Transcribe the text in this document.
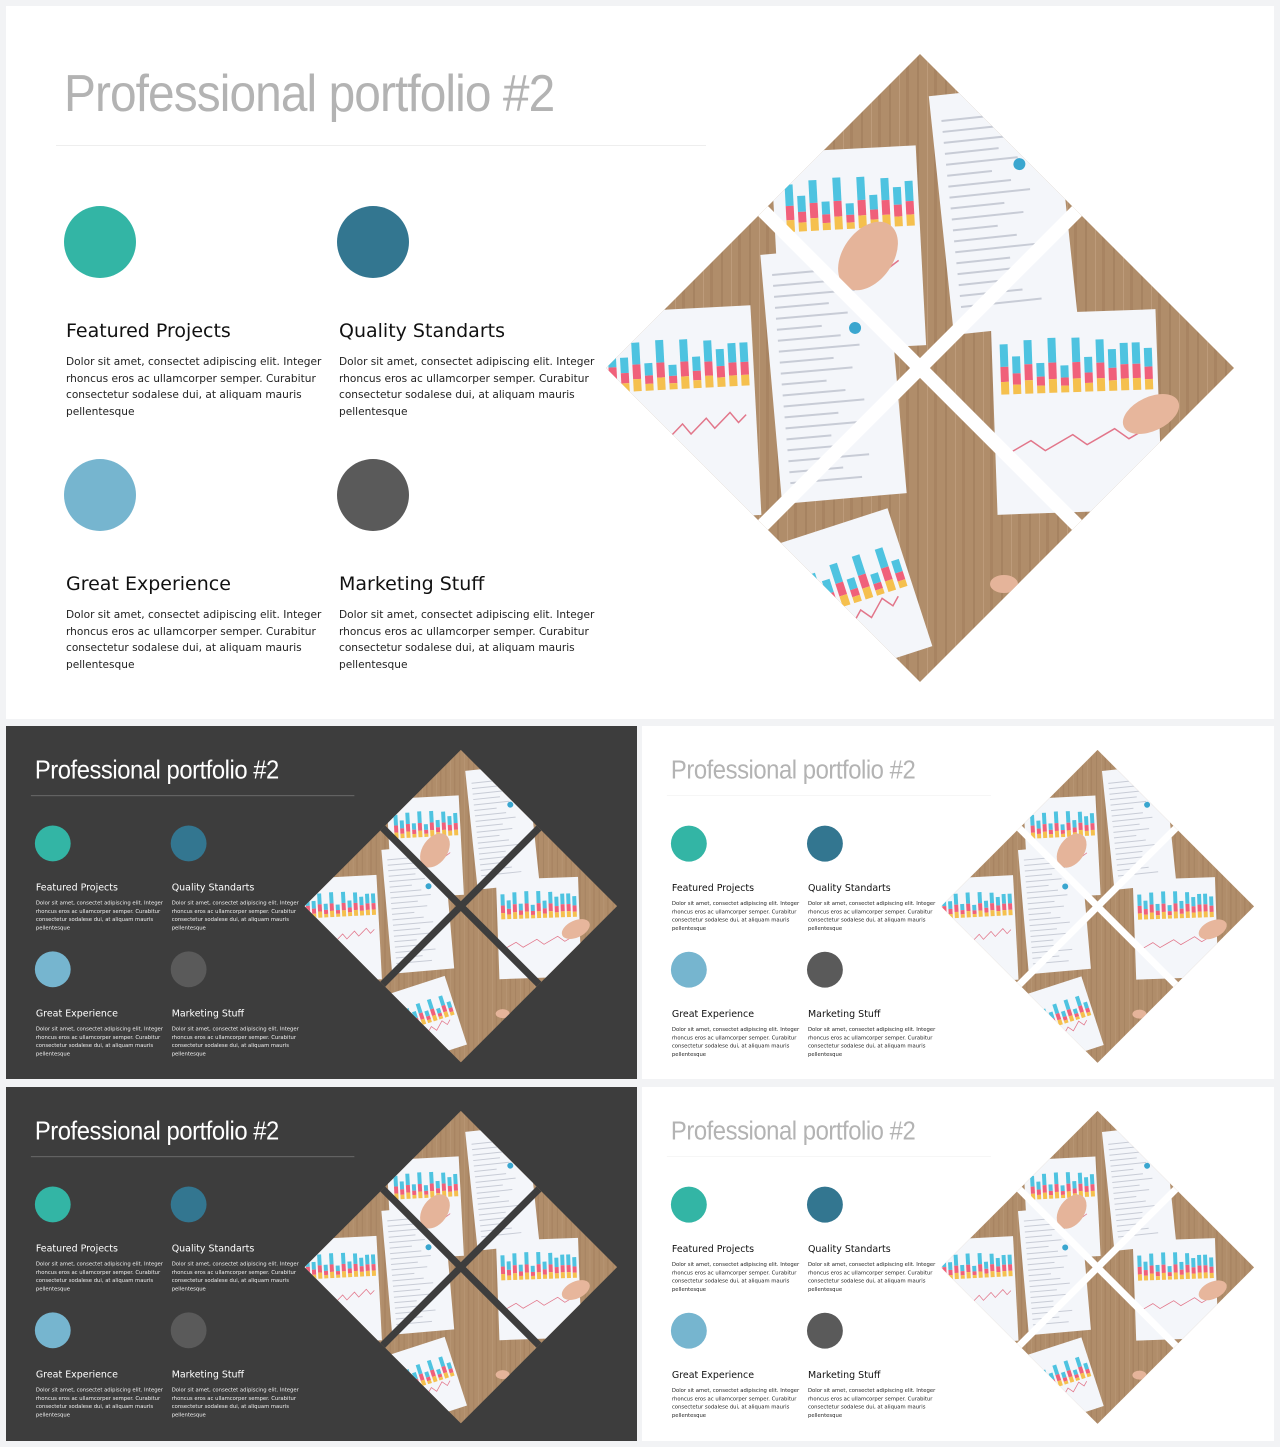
Professional portfolio #2
Featured Projects
Dolor sit amet, consectet adipiscing elit. Integer rhoncus eros ac ullamcorper semper. Curabitur consectetur sodalese dui, at aliquam mauris pellentesque
Quality Standarts
Dolor sit amet, consectet adipiscing elit. Integer rhoncus eros ac ullamcorper semper. Curabitur consectetur sodalese dui, at aliquam mauris pellentesque
Great Experience
Dolor sit amet, consectet adipiscing elit. Integer rhoncus eros ac ullamcorper semper. Curabitur consectetur sodalese dui, at aliquam mauris pellentesque
Marketing Stuff
Dolor sit amet, consectet adipiscing elit. Integer rhoncus eros ac ullamcorper semper. Curabitur consectetur sodalese dui, at aliquam mauris pellentesque
Professional portfolio #2
Featured Projects
Dolor sit amet, consectet adipiscing elit. Integer rhoncus eros ac ullamcorper semper. Curabitur consectetur sodalese dui, at aliquam mauris pellentesque
Quality Standarts
Dolor sit amet, consectet adipiscing elit. Integer rhoncus eros ac ullamcorper semper. Curabitur consectetur sodalese dui, at aliquam mauris pellentesque
Great Experience
Dolor sit amet, consectet adipiscing elit. Integer rhoncus eros ac ullamcorper semper. Curabitur consectetur sodalese dui, at aliquam mauris pellentesque
Marketing Stuff
Dolor sit amet, consectet adipiscing elit. Integer rhoncus eros ac ullamcorper semper. Curabitur consectetur sodalese dui, at aliquam mauris pellentesque
Professional portfolio #2
Featured Projects
Dolor sit amet, consectet adipiscing elit. Integer rhoncus eros ac ullamcorper semper. Curabitur consectetur sodalese dui, at aliquam mauris pellentesque
Quality Standarts
Dolor sit amet, consectet adipiscing elit. Integer rhoncus eros ac ullamcorper semper. Curabitur consectetur sodalese dui, at aliquam mauris pellentesque
Great Experience
Dolor sit amet, consectet adipiscing elit. Integer rhoncus eros ac ullamcorper semper. Curabitur consectetur sodalese dui, at aliquam mauris pellentesque
Marketing Stuff
Dolor sit amet, consectet adipiscing elit. Integer rhoncus eros ac ullamcorper semper. Curabitur consectetur sodalese dui, at aliquam mauris pellentesque
Professional portfolio #2
Featured Projects
Dolor sit amet, consectet adipiscing elit. Integer rhoncus eros ac ullamcorper semper. Curabitur consectetur sodalese dui, at aliquam mauris pellentesque
Quality Standarts
Dolor sit amet, consectet adipiscing elit. Integer rhoncus eros ac ullamcorper semper. Curabitur consectetur sodalese dui, at aliquam mauris pellentesque
Great Experience
Dolor sit amet, consectet adipiscing elit. Integer rhoncus eros ac ullamcorper semper. Curabitur consectetur sodalese dui, at aliquam mauris pellentesque
Marketing Stuff
Dolor sit amet, consectet adipiscing elit. Integer rhoncus eros ac ullamcorper semper. Curabitur consectetur sodalese dui, at aliquam mauris pellentesque
Professional portfolio #2
Featured Projects
Dolor sit amet, consectet adipiscing elit. Integer rhoncus eros ac ullamcorper semper. Curabitur consectetur sodalese dui, at aliquam mauris pellentesque
Quality Standarts
Dolor sit amet, consectet adipiscing elit. Integer rhoncus eros ac ullamcorper semper. Curabitur consectetur sodalese dui, at aliquam mauris pellentesque
Great Experience
Dolor sit amet, consectet adipiscing elit. Integer rhoncus eros ac ullamcorper semper. Curabitur consectetur sodalese dui, at aliquam mauris pellentesque
Marketing Stuff
Dolor sit amet, consectet adipiscing elit. Integer rhoncus eros ac ullamcorper semper. Curabitur consectetur sodalese dui, at aliquam mauris pellentesque
